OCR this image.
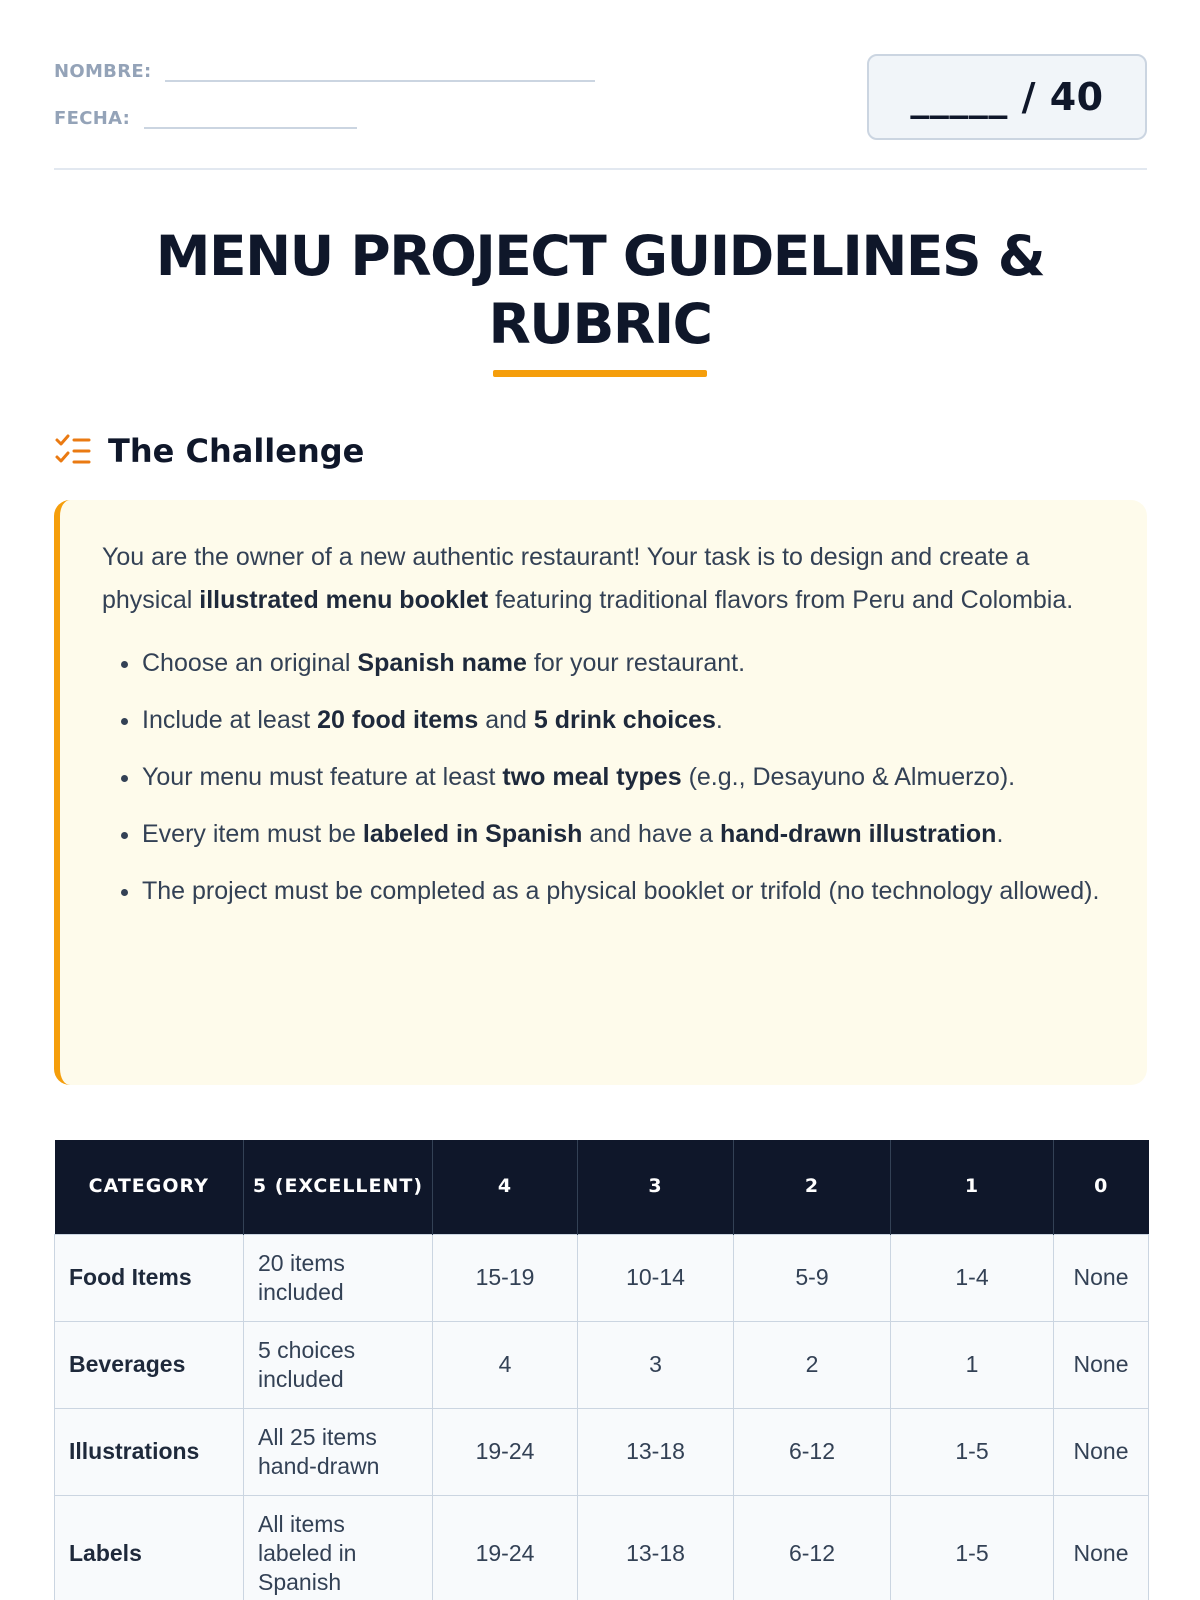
NOMBRE:
FECHA:	_____ / 40
MENU PROJECT GUIDELINES &
RUBRIC
The Challenge

You are the owner of a new authentic restaurant! Your task is to design and create a physical illustrated menu booklet featuring traditional flavors from Peru and Colombia.

• Choose an original Spanish name for your restaurant.
• Include at least 20 food items and 5 drink choices.
• Your menu must feature at least two meal types (e.g., Desayuno & Almuerzo).
• Every item must be labeled in Spanish and have a hand-drawn illustration.
• The project must be completed as a physical booklet or trifold (no technology allowed).
CATEGORY	5 (EXCELLENT)	4	3	2	1	0
Food Items	20 items included	15-19	10-14	5-9	1-4	None
Beverages	5 choices included	4	3	2	1	None
Illustrations	All 25 items hand-drawn	19-24	13-18	6-12	1-5	None
Labels	All items labeled in Spanish	19-24	13-18	6-12	1-5	None
